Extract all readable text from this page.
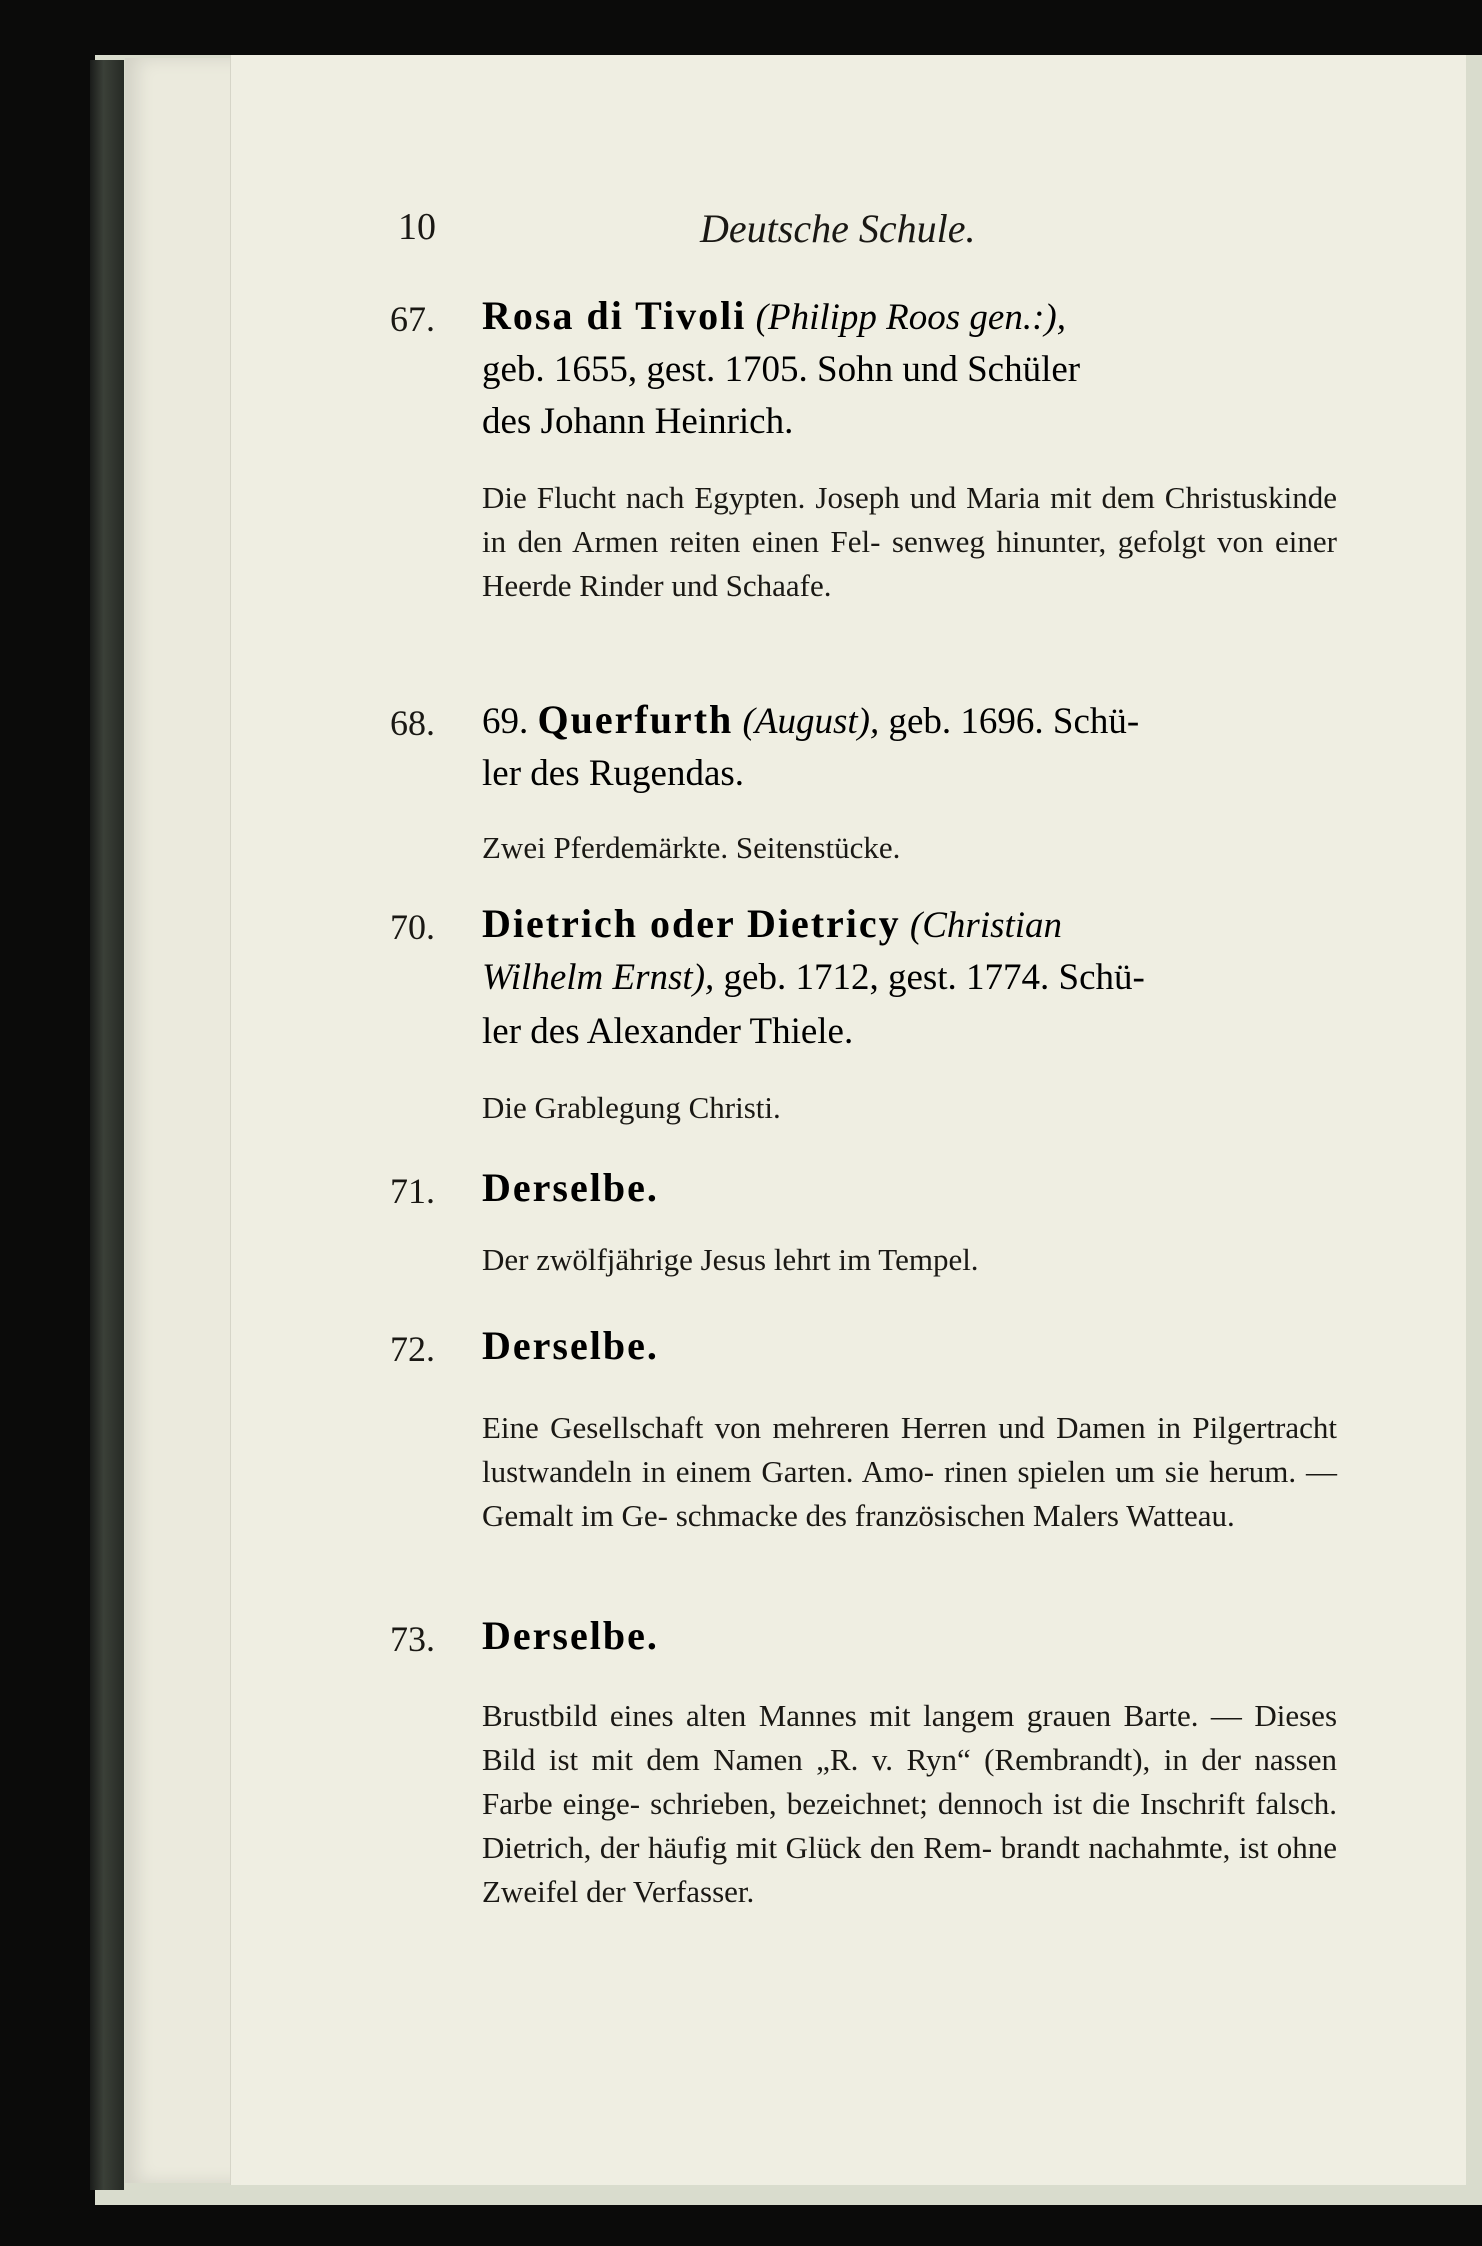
10	Deutsche Schule.
67. Rosa di Tivoli (Philipp Roos gen.:),
geb. 1655, gest. 1705. Sohn und Schüler
des Johann Heinrich.
Die Flucht nach Egypten. Joseph und Maria mit dem Christuskinde in den Armen reiten einen Fel- senweg hinunter, gefolgt von einer Heerde Rinder und Schaafe.
68. 69. Querfurth (August), geb. 1696. Schü-
ler des Rugendas.
Zwei Pferdemärkte. Seitenstücke.
70. Dietrich oder Dietricy (Christian
Wilhelm Ernst), geb. 1712, gest. 1774. Schü-
ler des Alexander Thiele.
Die Grablegung Christi.
71. Derselbe.
Der zwölfjährige Jesus lehrt im Tempel.
72. Derselbe.
Eine Gesellschaft von mehreren Herren und Damen in Pilgertracht lustwandeln in einem Garten. Amo- rinen spielen um sie herum. — Gemalt im Ge- schmacke des französischen Malers Watteau.
73. Derselbe.
Brustbild eines alten Mannes mit langem grauen Barte. — Dieses Bild ist mit dem Namen „R. v. Ryn“ (Rembrandt), in der nassen Farbe einge- schrieben, bezeichnet; dennoch ist die Inschrift falsch. Dietrich, der häufig mit Glück den Rem- brandt nachahmte, ist ohne Zweifel der Verfasser.
